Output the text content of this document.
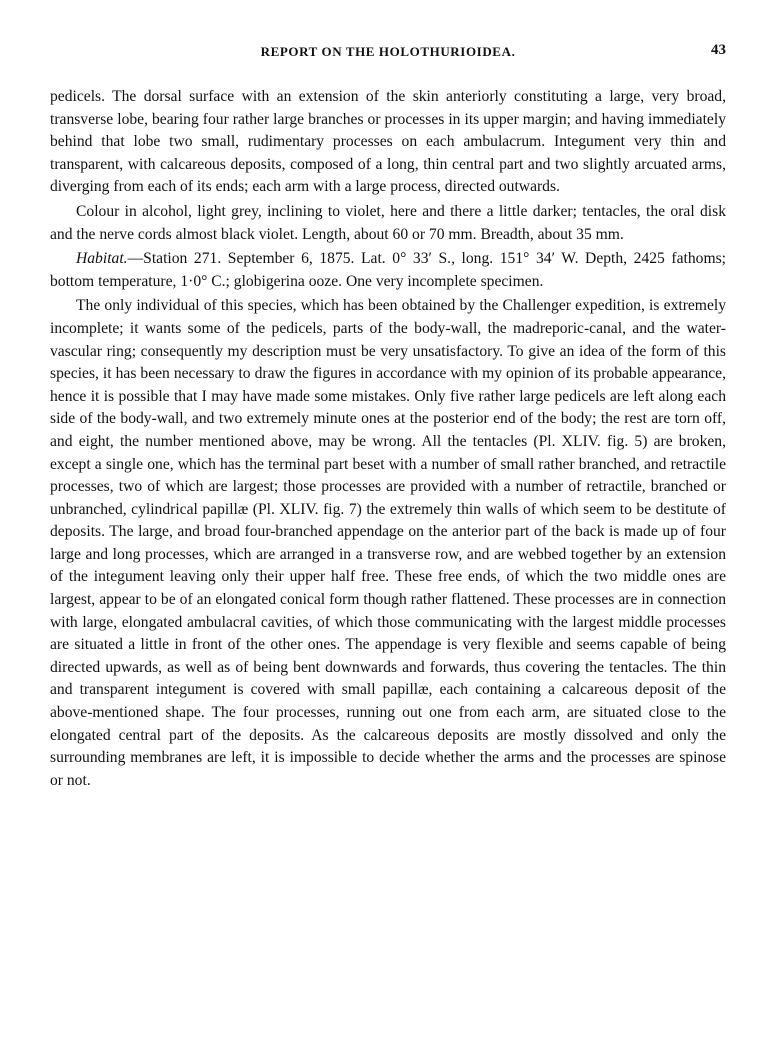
REPORT ON THE HOLOTHURIOIDEA.	43

pedicels. The dorsal surface with an extension of the skin anteriorly constituting a large, very broad, transverse lobe, bearing four rather large branches or processes in its upper margin; and having immediately behind that lobe two small, rudimentary processes on each ambulacrum. Integument very thin and transparent, with calcareous deposits, composed of a long, thin central part and two slightly arcuated arms, diverging from each of its ends; each arm with a large process, directed outwards.

Colour in alcohol, light grey, inclining to violet, here and there a little darker; tentacles, the oral disk and the nerve cords almost black violet. Length, about 60 or 70 mm. Breadth, about 35 mm.

Habitat.—Station 271. September 6, 1875. Lat. 0° 33′ S., long. 151° 34′ W. Depth, 2425 fathoms; bottom temperature, 1·0° C.; globigerina ooze. One very incomplete specimen.

The only individual of this species, which has been obtained by the Challenger expedition, is extremely incomplete; it wants some of the pedicels, parts of the body-wall, the madreporic-canal, and the water-vascular ring; consequently my description must be very unsatisfactory. To give an idea of the form of this species, it has been necessary to draw the figures in accordance with my opinion of its probable appearance, hence it is possible that I may have made some mistakes. Only five rather large pedicels are left along each side of the body-wall, and two extremely minute ones at the posterior end of the body; the rest are torn off, and eight, the number mentioned above, may be wrong. All the tentacles (Pl. XLIV. fig. 5) are broken, except a single one, which has the terminal part beset with a number of small rather branched, and retractile processes, two of which are largest; those processes are provided with a number of retractile, branched or unbranched, cylindrical papillæ (Pl. XLIV. fig. 7) the extremely thin walls of which seem to be destitute of deposits. The large, and broad four-branched appendage on the anterior part of the back is made up of four large and long processes, which are arranged in a transverse row, and are webbed together by an extension of the integument leaving only their upper half free. These free ends, of which the two middle ones are largest, appear to be of an elongated conical form though rather flattened. These processes are in connection with large, elongated ambulacral cavities, of which those communicating with the largest middle processes are situated a little in front of the other ones. The appendage is very flexible and seems capable of being directed upwards, as well as of being bent downwards and forwards, thus covering the tentacles. The thin and transparent integument is covered with small papillæ, each containing a calcareous deposit of the above-mentioned shape. The four processes, running out one from each arm, are situated close to the elongated central part of the deposits. As the calcareous deposits are mostly dissolved and only the surrounding membranes are left, it is impossible to decide whether the arms and the processes are spinose or not.
